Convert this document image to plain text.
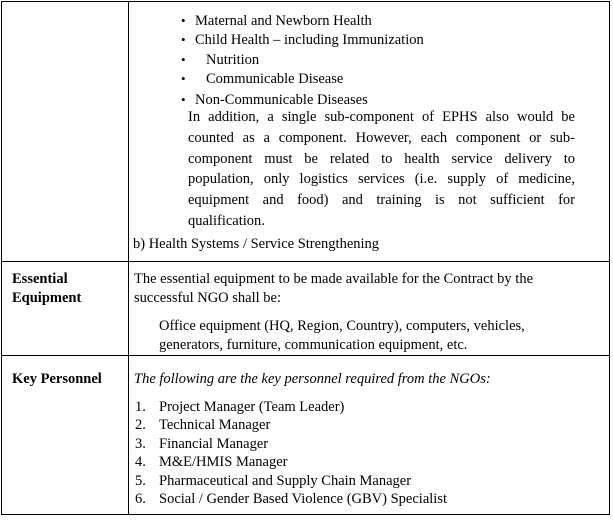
• Maternal and Newborn Health
• Child Health – including Immunization
• Nutrition
• Communicable Disease
• Non-Communicable Diseases
In addition, a single sub-component of EPHS also would be counted as a component. However, each component or sub-component must be related to health service delivery to population, only logistics services (i.e. supply of medicine, equipment and food) and training is not sufficient for qualification.
b) Health Systems / Service Strengthening
Essential
Equipment
The essential equipment to be made available for the Contract by the
successful NGO shall be:
Office equipment (HQ, Region, Country), computers, vehicles,
generators, furniture, communication equipment, etc.
Key Personnel The following are the key personnel required from the NGOs:
1. Project Manager (Team Leader)
2. Technical Manager
3. Financial Manager
4. M&E/HMIS Manager
5. Pharmaceutical and Supply Chain Manager
6. Social / Gender Based Violence (GBV) Specialist
